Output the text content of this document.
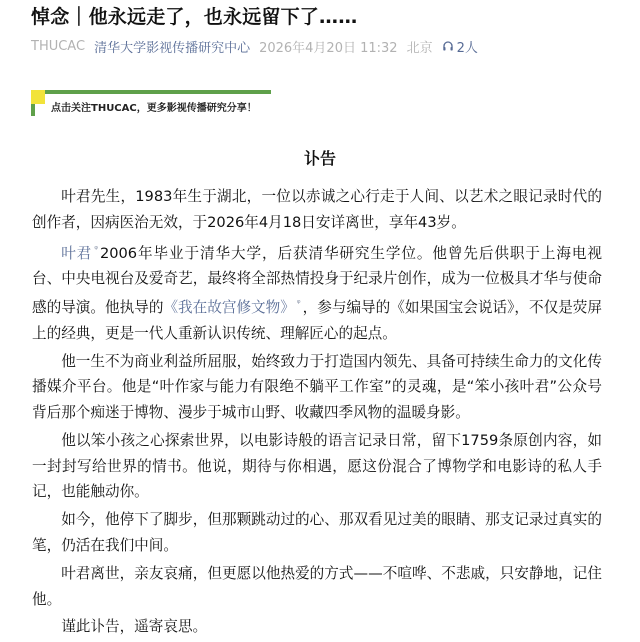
悼念｜他永远走了，也永远留下了……
THUCAC 清华大学影视传播研究中心 2026年4月20日 11:32 北京 2人
点击关注THUCAC，更多影视传播研究分享！
讣告

叶君先生，1983年生于湖北，一位以赤诚之心行走于人间、以艺术之眼记录时代的创作者，因病医治无效，于2026年4月18日安详离世，享年43岁。

叶君 $^ᵠ$ 2006年毕业于清华大学，后获清华研究生学位。他曾先后供职于上海电视台、中央电视台及爱奇艺，最终将全部热情投身于纪录片创作，成为一位极具才华与使命感的导演。他执导的《我在故宫修文物》 $^ᵠ$ ，参与编导的《如果国宝会说话》，不仅是荧屏上的经典，更是一代人重新认识传统、理解匠心的起点。

他一生不为商业利益所屈服，始终致力于打造国内领先、具备可持续生命力的文化传播媒介平台。他是“叶作家与能力有限绝不躺平工作室”的灵魂，是“笨小孩叶君”公众号背后那个痴迷于博物、漫步于城市山野、收藏四季风物的温暖身影。

他以笨小孩之心探索世界，以电影诗般的语言记录日常，留下1759条原创内容，如一封封写给世界的情书。他说，期待与你相遇，愿这份混合了博物学和电影诗的私人手记，也能触动你。

如今，他停下了脚步，但那颗跳动过的心、那双看见过美的眼睛、那支记录过真实的笔，仍活在我们中间。

叶君离世，亲友哀痛，但更愿以他热爱的方式——不喧哗、不悲戚，只安静地，记住他。

谨此讣告，遥寄哀思。
